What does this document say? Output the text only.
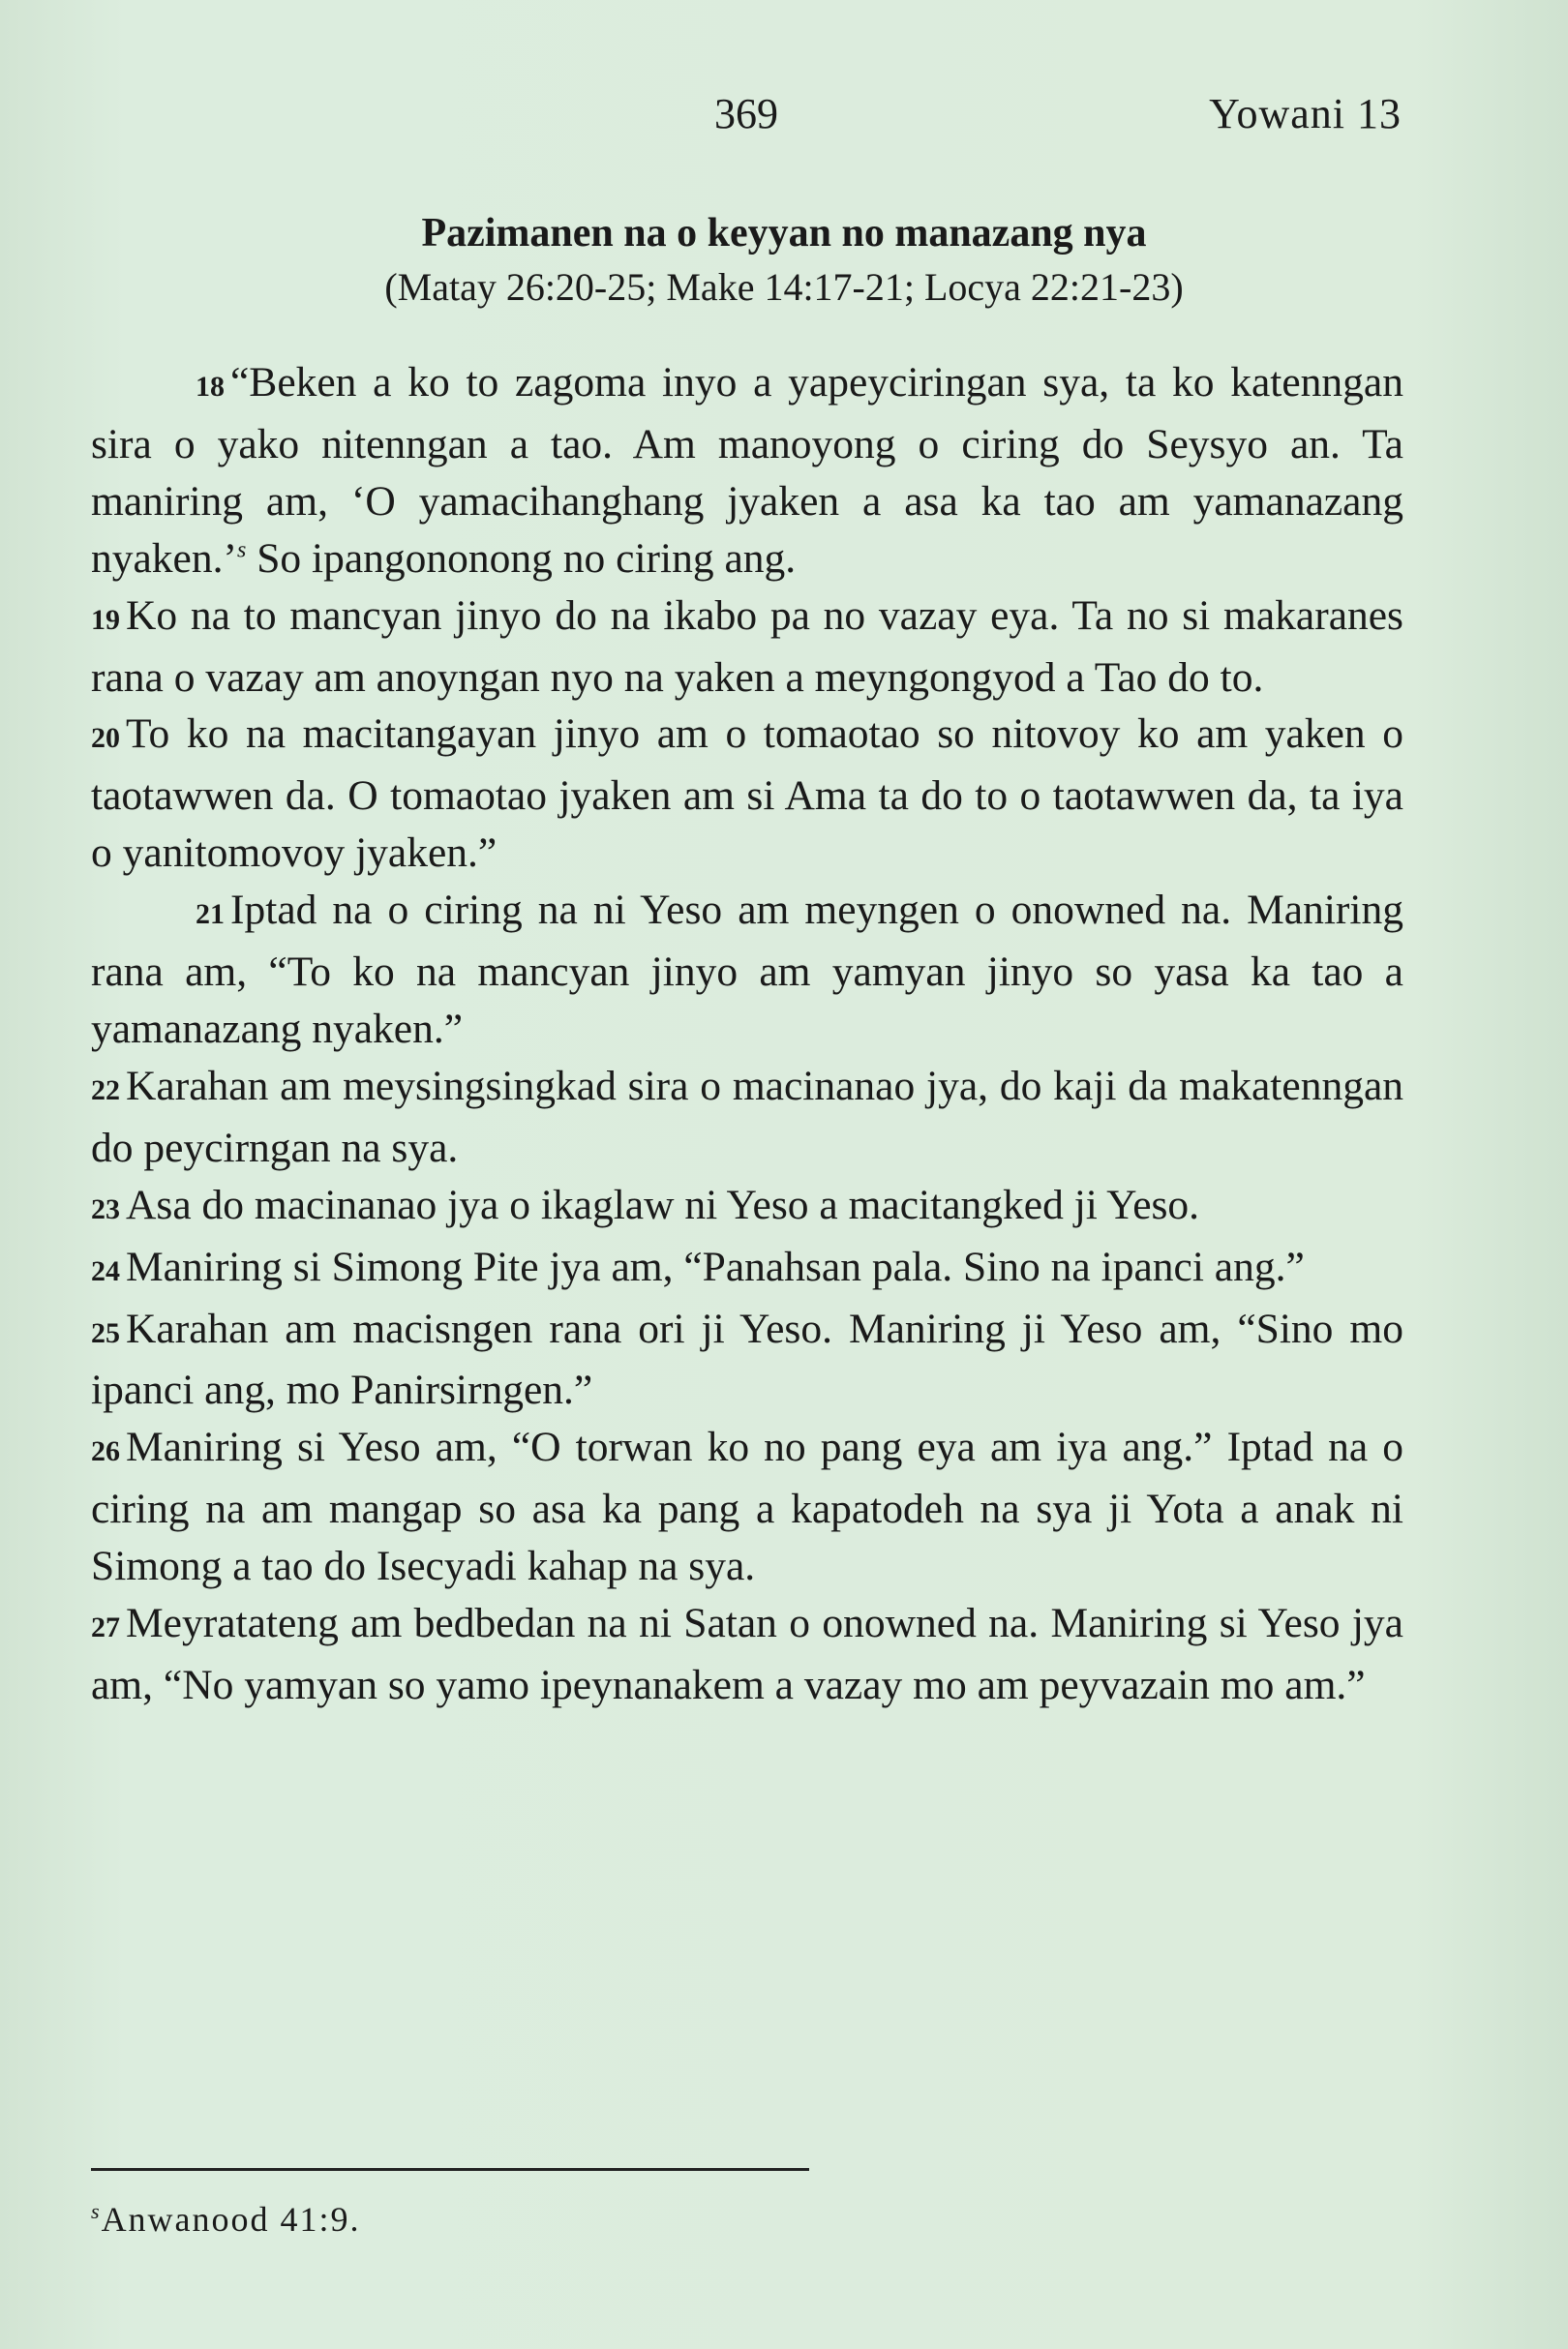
369	Yowani 13
Pazimanen na o keyyan no manazang nya
(Matay 26:20-25; Make 14:17-21; Locya 22:21-23)

18 “Beken a ko to zagoma inyo a yapeyciringan sya, ta ko katenngan sira o yako nitenngan a tao. Am manoyong o ciring do Seysyo an. Ta maniring am, ‘O yamacihanghang jyaken a asa ka tao am yamanazang nyaken.’$^s$ So ipangononong no ciring ang.

19 Ko na to mancyan jinyo do na ikabo pa no vazay eya. Ta no si makaranes rana o vazay am anoyngan nyo na yaken a meyngongyod a Tao do to.

20 To ko na macitangayan jinyo am o tomaotao so nitovoy ko am yaken o taotawwen da. O tomaotao jyaken am si Ama ta do to o taotawwen da, ta iya o yanitomovoy jyaken.”

21 Iptad na o ciring na ni Yeso am meyngen o onowned na. Maniring rana am, “To ko na mancyan jinyo am yamyan jinyo so yasa ka tao a yamanazang nyaken.”

22 Karahan am meysingsingkad sira o macinanao jya, do kaji da makatenngan do peycirngan na sya.

23 Asa do macinanao jya o ikaglaw ni Yeso a macitangked ji Yeso.

24 Maniring si Simong Pite jya am, “Panahsan pala. Sino na ipanci ang.”

25 Karahan am macisngen rana ori ji Yeso. Maniring ji Yeso am, “Sino mo ipanci ang, mo Panirsirngen.”

26 Maniring si Yeso am, “O torwan ko no pang eya am iya ang.” Iptad na o ciring na am mangap so asa ka pang a kapatodeh na sya ji Yota a anak ni Simong a tao do Isecyadi kahap na sya.

27 Meyratateng am bedbedan na ni Satan o onowned na. Maniring si Yeso jya am, “No yamyan so yamo ipeynanakem a vazay mo am peyvazain mo am.”

$^s$Anwanood 41:9.
